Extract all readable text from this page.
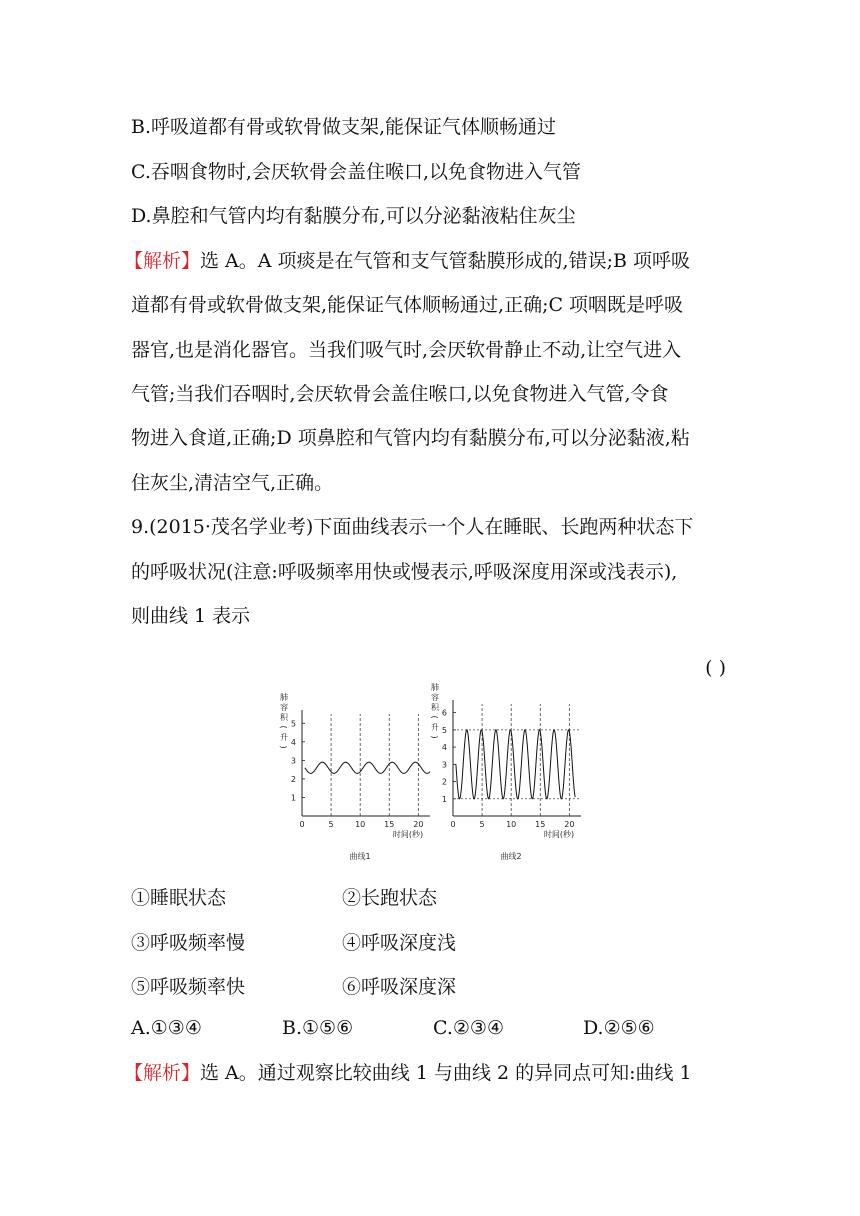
B.呼吸道都有骨或软骨做支架,能保证气体顺畅通过
C.吞咽食物时,会厌软骨会盖住喉口,以免食物进入气管
D.鼻腔和气管内均有黏膜分布,可以分泌黏液粘住灰尘
【解析】选 A。A 项痰是在气管和支气管黏膜形成的,错误;B 项呼吸
道都有骨或软骨做支架,能保证气体顺畅通过,正确;C 项咽既是呼吸
器官,也是消化器官。当我们吸气时,会厌软骨静止不动,让空气进入
气管;当我们吞咽时,会厌软骨会盖住喉口,以免食物进入气管,令食
物进入食道,正确;D 项鼻腔和气管内均有黏膜分布,可以分泌黏液,粘
住灰尘,清洁空气,正确。
9.(2015·茂名学业考)下面曲线表示一个人在睡眠、长跑两种状态下
的呼吸状况(注意:呼吸频率用快或慢表示,呼吸深度用深或浅表示),
则曲线 1 表示
( )
0	5	10 15 20
1
2
3
4
5
肺
容
积
(
升
)
时间(秒)
曲线1
0	5	10 15 20
1
2
3
4
5
6
肺
容
积
(
升
)
时间(秒)
曲线2
①睡眠状态	②长跑状态
③呼吸频率慢	④呼吸深度浅
⑤呼吸频率快	⑥呼吸深度深
A.①③④	B.①⑤⑥	C.②③④	D.②⑤⑥
【解析】选 A。通过观察比较曲线 1 与曲线 2 的异同点可知:曲线 1
